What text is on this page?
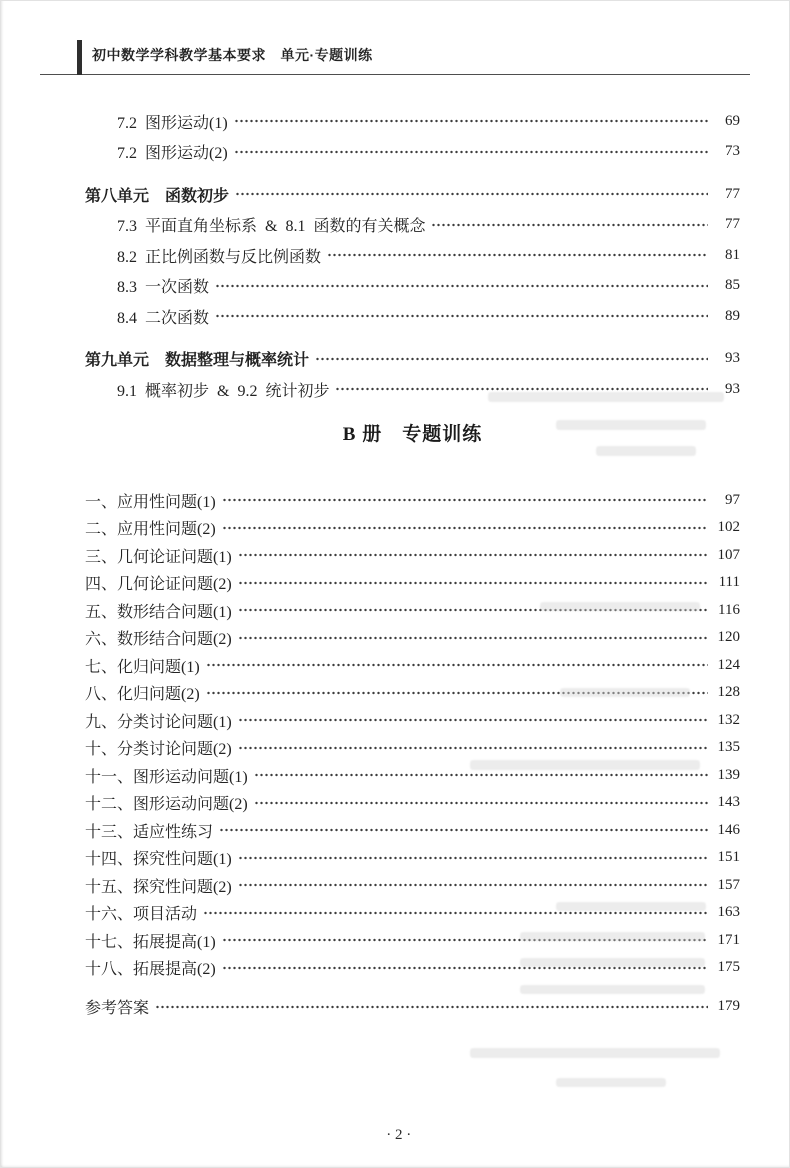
初中数学学科教学基本要求　单元·专题训练
7.2  图形运动(1)	69
7.2  图形运动(2)	73
第八单元　函数初步	77
7.3  平面直角坐标系  &  8.1  函数的有关概念	77
8.2  正比例函数与反比例函数	81
8.3  一次函数	85
8.4  二次函数	89
第九单元　数据整理与概率统计	93
9.1  概率初步  &  9.2  统计初步	93
B 册　专题训练
一、应用性问题(1)	97
二、应用性问题(2)	102
三、几何论证问题(1)	107
四、几何论证问题(2)	111
五、数形结合问题(1)	116
六、数形结合问题(2)	120
七、化归问题(1)	124
八、化归问题(2)	128
九、分类讨论问题(1)	132
十、分类讨论问题(2)	135
十一、图形运动问题(1)	139
十二、图形运动问题(2)	143
十三、适应性练习	146
十四、探究性问题(1)	151
十五、探究性问题(2)	157
十六、项目活动	163
十七、拓展提高(1)	171
十八、拓展提高(2)	175
参考答案	179

· 2 ·
